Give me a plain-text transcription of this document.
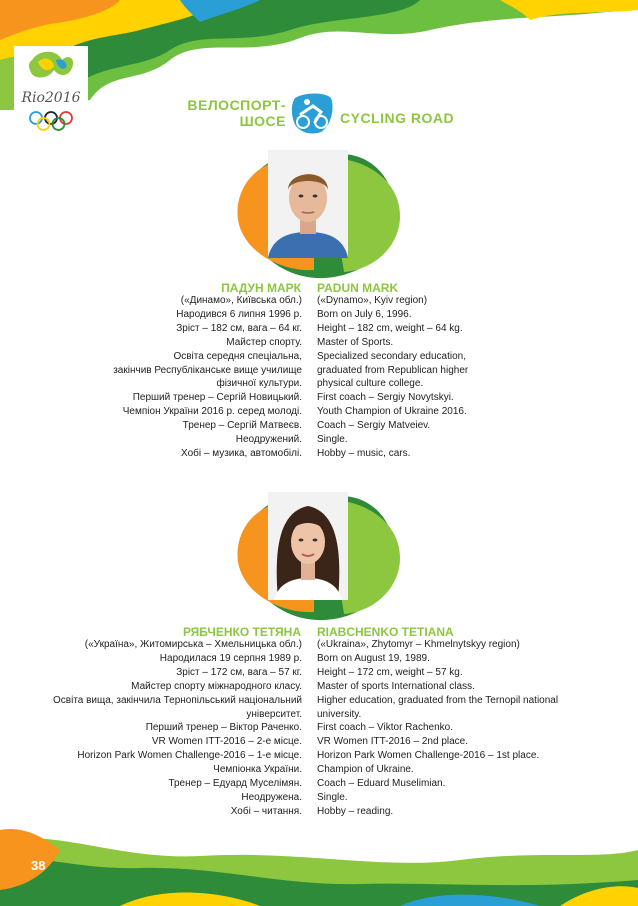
Rio2016	ВЕЛОСПОРТ-
ШОСЕ	CYCLING ROAD
ПАДУН МАРК PADUN MARK
(«Динамо», Київська обл.)
Народився 6 липня 1996 р.
Зріст – 182 см, вага – 64 кг.
Майстер спорту.
Освіта середня спеціальна,
закінчив Республіканське вище училище
фізичної культури.
Перший тренер – Сергій Новицький.
Чемпіон України 2016 р. серед молоді.
Тренер – Сергій Матвеєв.
Неодружений.
Хобі – музика, автомобілі.
(«Dynamo», Kyiv region)
Born on July 6, 1996.
Height – 182 cm, weight – 64 kg.
Master of Sports.
Specialized secondary education,
graduated from Republican higher
physical culture college.
First coach – Sergiy Novytskyi.
Youth Champion of Ukraine 2016.
Coach – Sergiy Matveiev.
Single.
Hobby – music, cars.
РЯБЧЕНКО ТЕТЯНА RIABCHENKO TETIANA
(«Україна», Житомирська – Хмельницька обл.)
Народилася 19 серпня 1989 р.
Зріст – 172 см, вага – 57 кг.
Майстер спорту міжнародного класу.
Освіта вища, закінчила Тернопільський національний
університет.
Перший тренер – Віктор Раченко.
VR Women ITT-2016 – 2-е місце.
Horizon Park Women Challenge-2016 – 1-е місце.
Чемпіонка України.
Тренер – Едуард Муселімян.
Неодружена.
Хобі – читання.
(«Ukraina», Zhytomyr – Khmelnytskyy region)
Born on August 19, 1989.
Height – 172 cm, weight – 57 kg.
Master of sports International class.
Higher education, graduated from the Ternopil national
university.
First coach – Viktor Rachenko.
VR Women ITT-2016 – 2nd place.
Horizon Park Women Challenge-2016 – 1st place.
Champion of Ukraine.
Coach – Eduard Muselimian.
Single.
Hobby – reading.
38
